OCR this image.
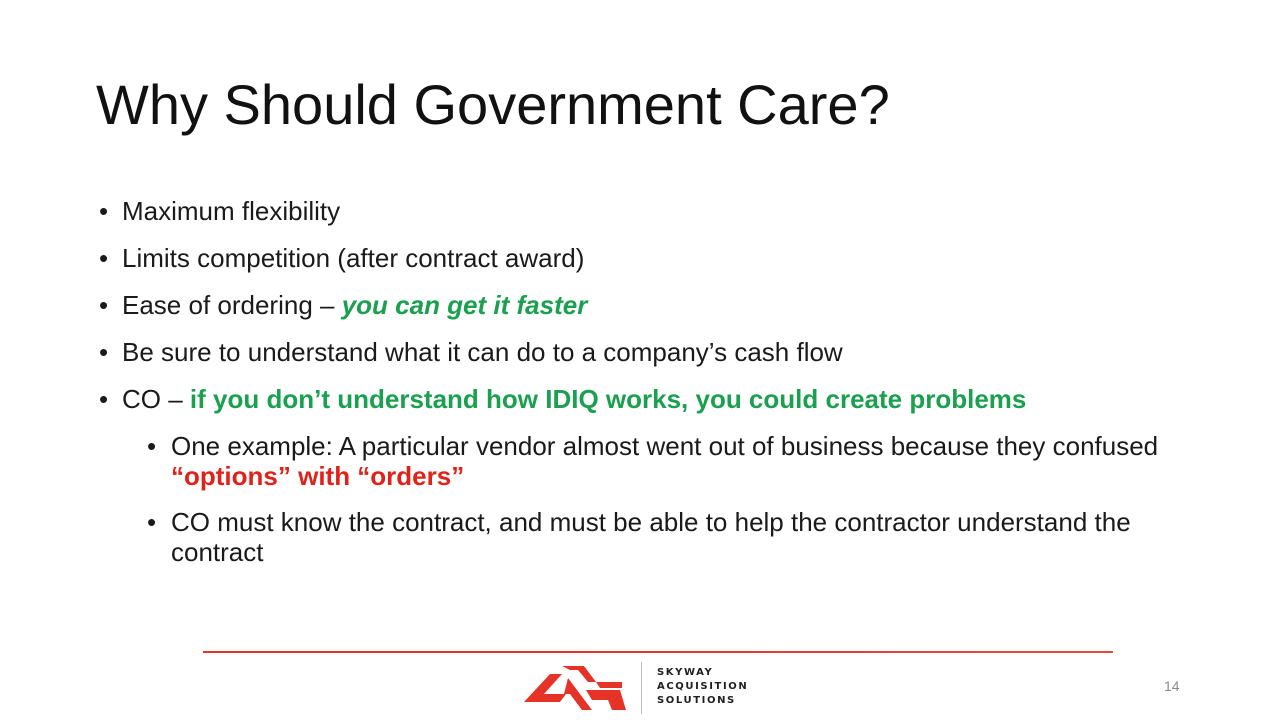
Why Should Government Care?
• Maximum flexibility
• Limits competition (after contract award)
• Ease of ordering – you can get it faster
• Be sure to understand what it can do to a company’s cash flow
• CO – if you don’t understand how IDIQ works, you could create problems
• One example: A particular vendor almost went out of business because they confused “options” with “orders”
• CO must know the contract, and must be able to help the contractor understand the contract
SKYWAY
ACQUISITION
SOLUTIONS
14
